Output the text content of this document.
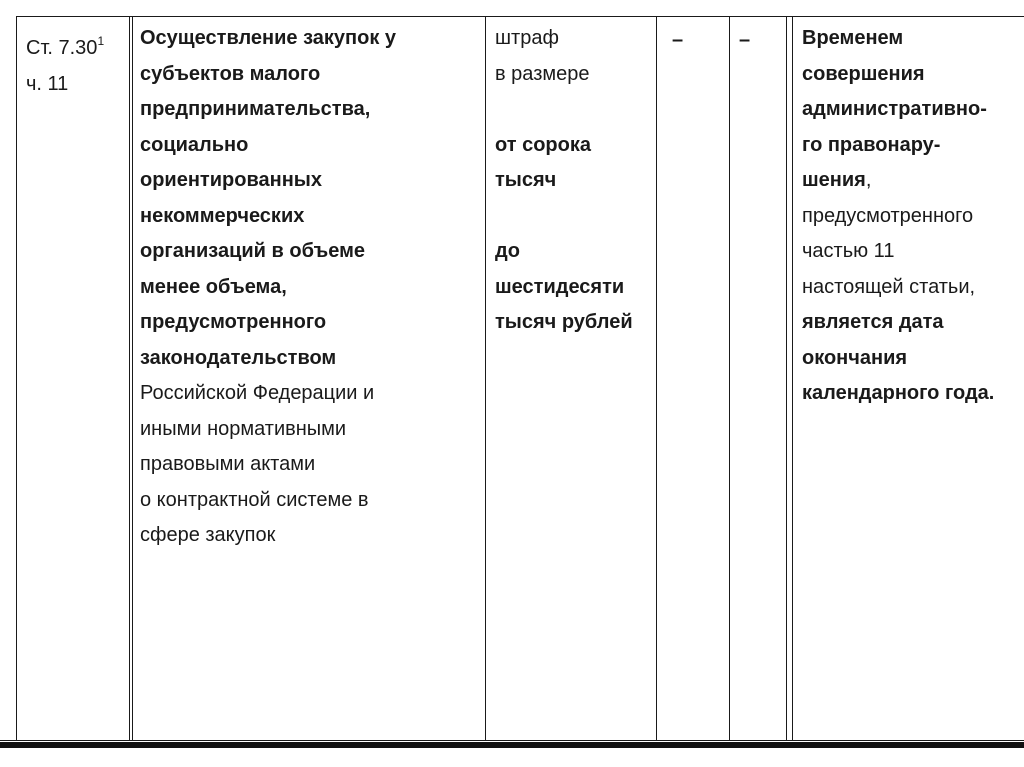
Ст. 7.30$^1$
ч. 11
Осуществление закупок у
субъектов малого
предпринимательства,
социально
ориентированных
некоммерческих
организаций в объеме
менее объема,
предусмотренного
законодательством
Российской Федерации и
иными нормативными
правовыми актами
о контрактной системе в
сфере закупок
штраф
в размере
от сорока
тысяч
до
шестидесяти
тысяч рублей
–	–	Временем
совершения
административно-
го правонару-
шения,
предусмотренного
частью 11
настоящей статьи,
является дата
окончания
календарного года.
